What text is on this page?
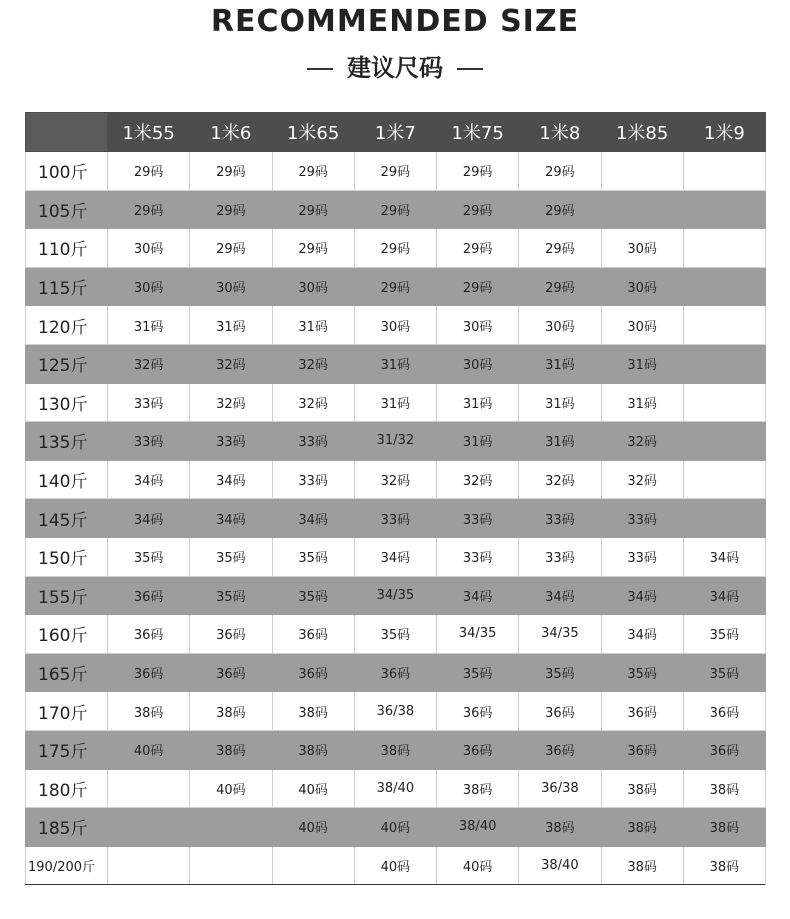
RECOMMENDED SIZE
建议尺码
	1米55	1米6	1米65	1米7	1米75	1米8	1米85	1米9
100斤	29码	29码	29码	29码	29码	29码		
105斤	29码	29码	29码	29码	29码	29码		
110斤	30码	29码	29码	29码	29码	29码	30码	
115斤	30码	30码	30码	29码	29码	29码	30码	
120斤	31码	31码	31码	30码	30码	30码	30码	
125斤	32码	32码	32码	31码	30码	31码	31码	
130斤	33码	32码	32码	31码	31码	31码	31码	
135斤	33码	33码	33码	31/32	31码	31码	32码	
140斤	34码	34码	33码	32码	32码	32码	32码	
145斤	34码	34码	34码	33码	33码	33码	33码	
150斤	35码	35码	35码	34码	33码	33码	33码	34码
155斤	36码	35码	35码	34/35	34码	34码	34码	34码
160斤	36码	36码	36码	35码	34/35	34/35	34码	35码
165斤	36码	36码	36码	36码	35码	35码	35码	35码
170斤	38码	38码	38码	36/38	36码	36码	36码	36码
175斤	40码	38码	38码	38码	36码	36码	36码	36码
180斤		40码	40码	38/40	38码	36/38	38码	38码
185斤			40码	40码	38/40	38码	38码	38码
190/200斤				40码	40码	38/40	38码	38码
